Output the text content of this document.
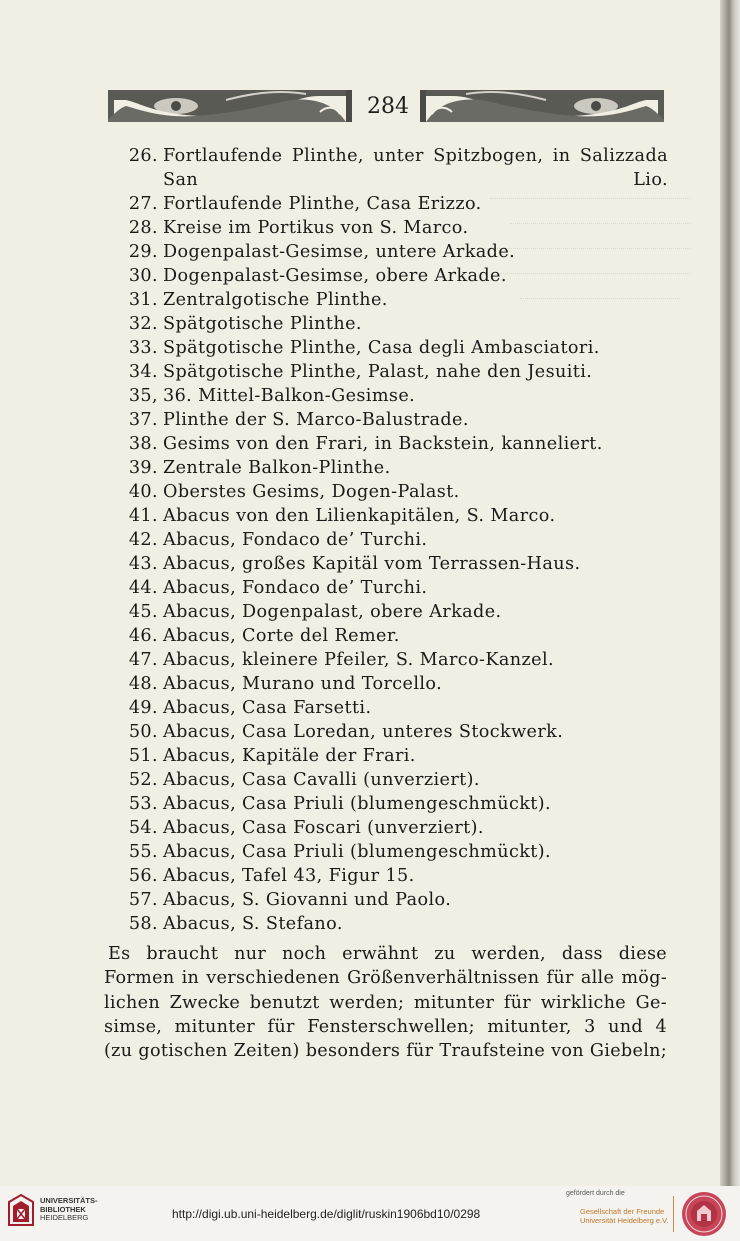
284
26. Fortlaufende Plinthe, unter Spitzbogen, in Salizzada San Lio.
27. Fortlaufende Plinthe, Casa Erizzo.
28. Kreise im Portikus von S. Marco.
29. Dogenpalast-Gesimse, untere Arkade.
30. Dogenpalast-Gesimse, obere Arkade.
31. Zentralgotische Plinthe.
32. Spätgotische Plinthe.
33. Spätgotische Plinthe, Casa degli Ambasciatori.
34. Spätgotische Plinthe, Palast, nahe den Jesuiti.
35, 36. Mittel-Balkon-Gesimse.
37. Plinthe der S. Marco-Balustrade.
38. Gesims von den Frari, in Backstein, kanneliert.
39. Zentrale Balkon-Plinthe.
40. Oberstes Gesims, Dogen-Palast.
41. Abacus von den Lilienkapitälen, S. Marco.
42. Abacus, Fondaco de’ Turchi.
43. Abacus, großes Kapitäl vom Terrassen-Haus.
44. Abacus, Fondaco de’ Turchi.
45. Abacus, Dogenpalast, obere Arkade.
46. Abacus, Corte del Remer.
47. Abacus, kleinere Pfeiler, S. Marco-Kanzel.
48. Abacus, Murano und Torcello.
49. Abacus, Casa Farsetti.
50. Abacus, Casa Loredan, unteres Stockwerk.
51. Abacus, Kapitäle der Frari.
52. Abacus, Casa Cavalli (unverziert).
53. Abacus, Casa Priuli (blumengeschmückt).
54. Abacus, Casa Foscari (unverziert).
55. Abacus, Casa Priuli (blumengeschmückt).
56. Abacus, Tafel 43, Figur 15.
57. Abacus, S. Giovanni und Paolo.
58. Abacus, S. Stefano.
Es braucht nur noch erwähnt zu werden, dass diese
Formen in verschiedenen Größenverhältnissen für alle mög-
lichen Zwecke benutzt werden; mitunter für wirkliche Ge-
simse, mitunter für Fensterschwellen; mitunter, 3 und 4
(zu gotischen Zeiten) besonders für Traufsteine von Giebeln;
UNIVERSITÄTS-
BIBLIOTHEK
HEIDELBERG	http://digi.ub.uni-heidelberg.de/diglit/ruskin1906bd10/0298
gefördert durch die
Gesellschaft der Freunde
Universität Heidelberg e.V.
